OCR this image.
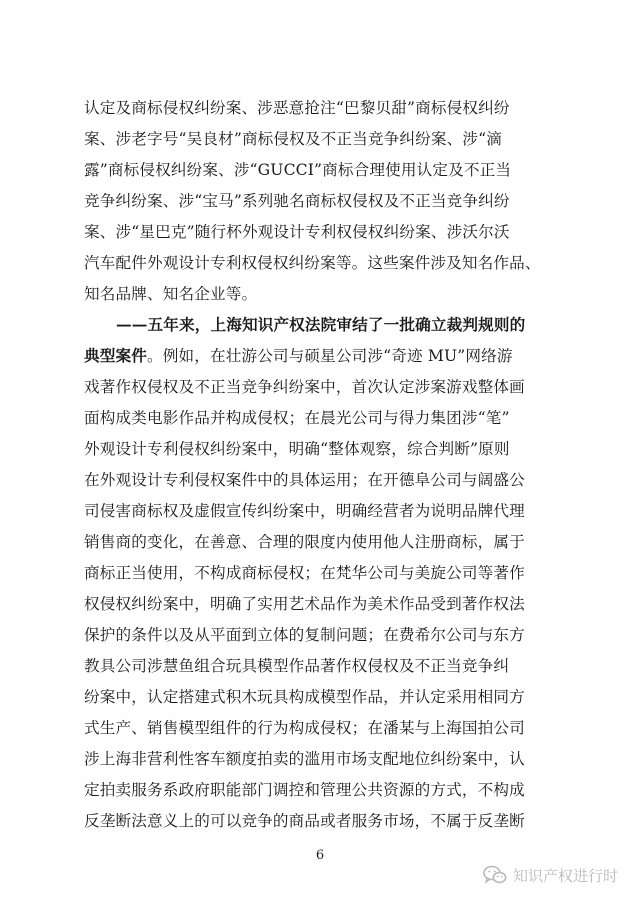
认定及商标侵权纠纷案、涉恶意抢注“巴黎贝甜”商标侵权纠纷
案、涉老字号“吴良材”商标侵权及不正当竞争纠纷案、涉“滴
露”商标侵权纠纷案、涉“GUCCI”商标合理使用认定及不正当
竞争纠纷案、涉“宝马”系列驰名商标权侵权及不正当竞争纠纷
案、涉“星巴克”随行杯外观设计专利权侵权纠纷案、涉沃尔沃
汽车配件外观设计专利权侵权纠纷案等。这些案件涉及知名作品、
知名品牌、知名企业等。
——五年来，上海知识产权法院审结了一批确立裁判规则的
典型案件。例如，在壮游公司与硕星公司涉“奇迹 MU”网络游
戏著作权侵权及不正当竞争纠纷案中，首次认定涉案游戏整体画
面构成类电影作品并构成侵权；在晨光公司与得力集团涉“笔”
外观设计专利侵权纠纷案中，明确“整体观察，综合判断”原则
在外观设计专利侵权案件中的具体运用；在开德阜公司与阔盛公
司侵害商标权及虚假宣传纠纷案中，明确经营者为说明品牌代理
销售商的变化，在善意、合理的限度内使用他人注册商标，属于
商标正当使用，不构成商标侵权；在梵华公司与美旋公司等著作
权侵权纠纷案中，明确了实用艺术品作为美术作品受到著作权法
保护的条件以及从平面到立体的复制问题；在费希尔公司与东方
教具公司涉慧鱼组合玩具模型作品著作权侵权及不正当竞争纠
纷案中，认定搭建式积木玩具构成模型作品，并认定采用相同方
式生产、销售模型组件的行为构成侵权；在潘某与上海国拍公司
涉上海非营利性客车额度拍卖的滥用市场支配地位纠纷案中，认
定拍卖服务系政府职能部门调控和管理公共资源的方式，不构成
反垄断法意义上的可以竞争的商品或者服务市场，不属于反垄断
6
知识产权进行时
